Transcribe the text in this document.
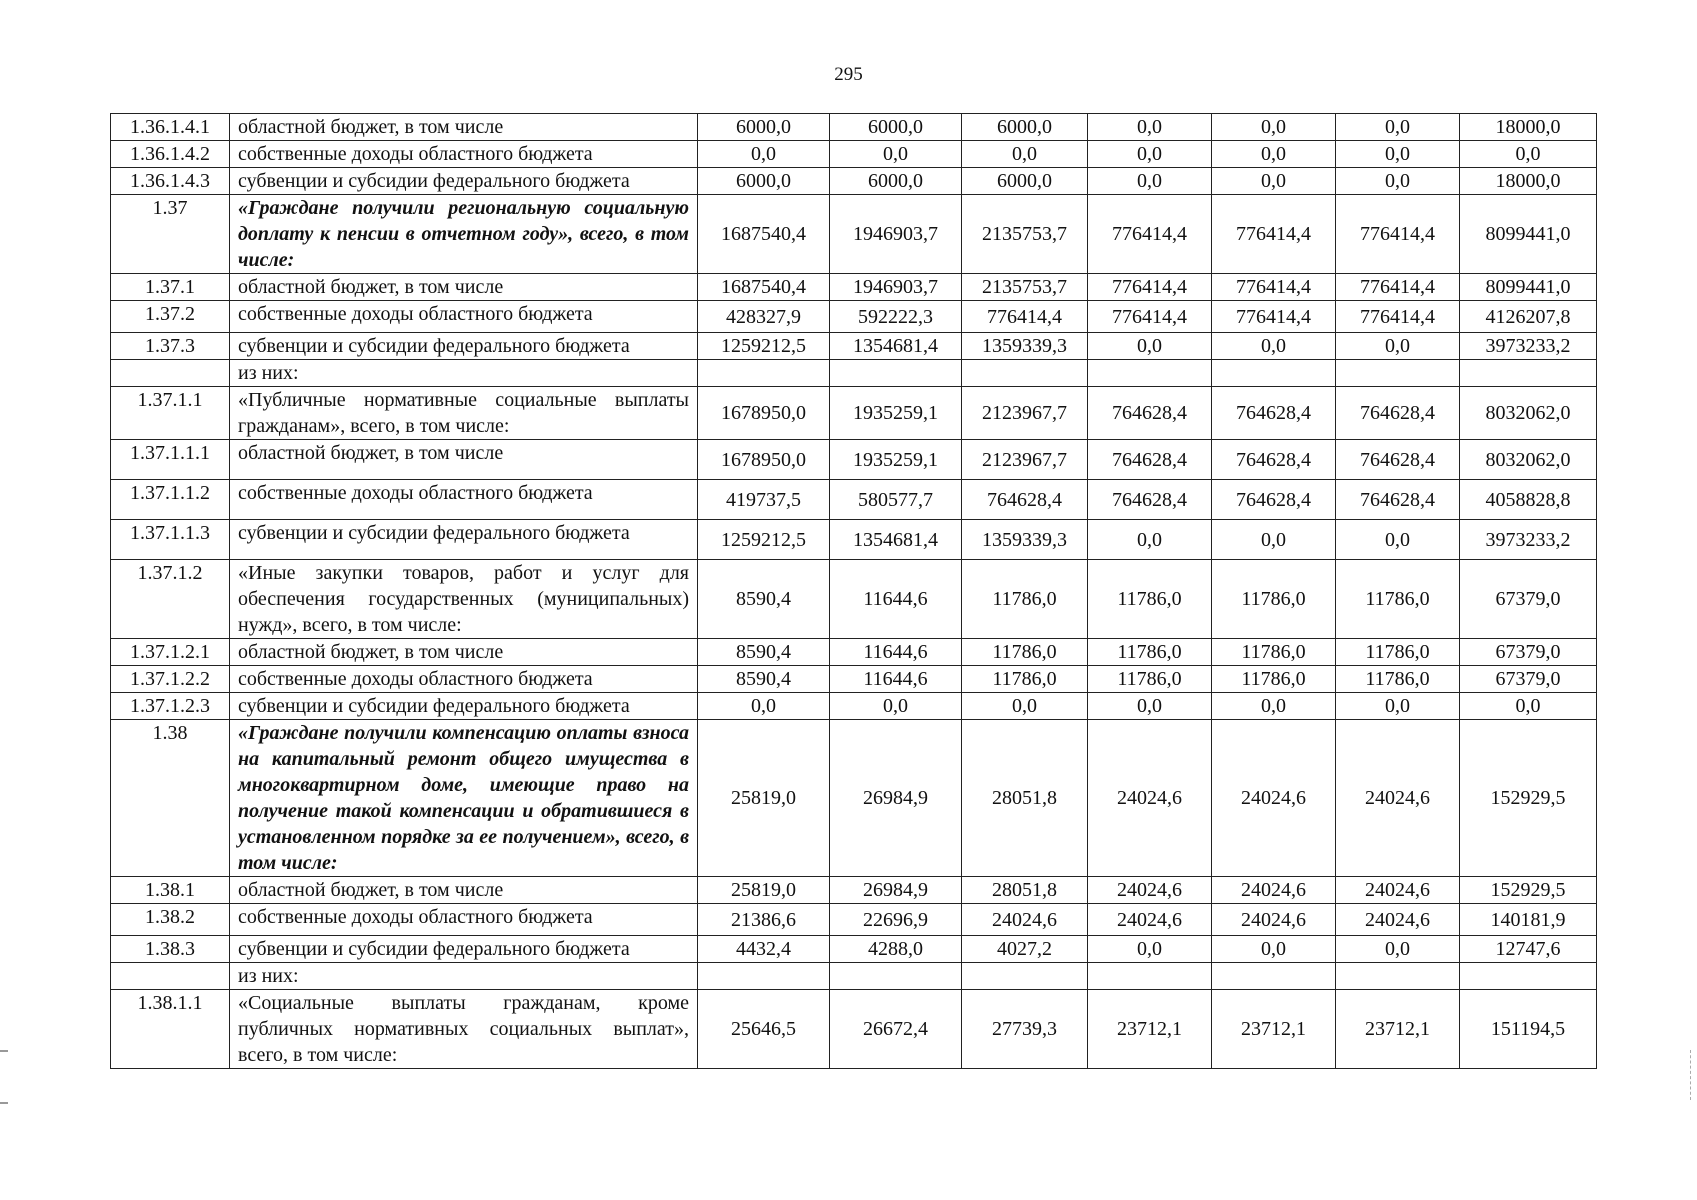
295
1.36.1.4.1	областной бюджет, в том числе	6000,0	6000,0	6000,0	0,0	0,0	0,0	18000,0
1.36.1.4.2	собственные доходы областного бюджета	0,0	0,0	0,0	0,0	0,0	0,0	0,0
1.36.1.4.3	субвенции и субсидии федерального бюджета	6000,0	6000,0	6000,0	0,0	0,0	0,0	18000,0
1.37	«Граждане получили региональную социальную доплату к пенсии в отчетном году», всего, в том числе:	1687540,4	1946903,7	2135753,7	776414,4	776414,4	776414,4	8099441,0
1.37.1	областной бюджет, в том числе	1687540,4	1946903,7	2135753,7	776414,4	776414,4	776414,4	8099441,0
1.37.2	собственные доходы областного бюджета	428327,9	592222,3	776414,4	776414,4	776414,4	776414,4	4126207,8
1.37.3	субвенции и субсидии федерального бюджета	1259212,5	1354681,4	1359339,3	0,0	0,0	0,0	3973233,2
	из них:							
1.37.1.1	«Публичные нормативные социальные выплаты гражданам», всего, в том числе:	1678950,0	1935259,1	2123967,7	764628,4	764628,4	764628,4	8032062,0
1.37.1.1.1	областной бюджет, в том числе	1678950,0	1935259,1	2123967,7	764628,4	764628,4	764628,4	8032062,0
1.37.1.1.2	собственные доходы областного бюджета	419737,5	580577,7	764628,4	764628,4	764628,4	764628,4	4058828,8
1.37.1.1.3	субвенции и субсидии федерального бюджета	1259212,5	1354681,4	1359339,3	0,0	0,0	0,0	3973233,2
1.37.1.2	«Иные закупки товаров, работ и услуг для обеспечения государственных (муниципальных) нужд», всего, в том числе:	8590,4	11644,6	11786,0	11786,0	11786,0	11786,0	67379,0
1.37.1.2.1	областной бюджет, в том числе	8590,4	11644,6	11786,0	11786,0	11786,0	11786,0	67379,0
1.37.1.2.2	собственные доходы областного бюджета	8590,4	11644,6	11786,0	11786,0	11786,0	11786,0	67379,0
1.37.1.2.3	субвенции и субсидии федерального бюджета	0,0	0,0	0,0	0,0	0,0	0,0	0,0
1.38	«Граждане получили компенсацию оплаты взноса на капитальный ремонт общего имущества в многоквартирном доме, имеющие право на получение такой компенсации и обратившиеся в установленном порядке за ее получением», всего, в том числе:	25819,0	26984,9	28051,8	24024,6	24024,6	24024,6	152929,5
1.38.1	областной бюджет, в том числе	25819,0	26984,9	28051,8	24024,6	24024,6	24024,6	152929,5
1.38.2	собственные доходы областного бюджета	21386,6	22696,9	24024,6	24024,6	24024,6	24024,6	140181,9
1.38.3	субвенции и субсидии федерального бюджета	4432,4	4288,0	4027,2	0,0	0,0	0,0	12747,6
	из них:							
1.38.1.1	«Социальные выплаты гражданам, кроме публичных нормативных социальных выплат», всего, в том числе:	25646,5	26672,4	27739,3	23712,1	23712,1	23712,1	151194,5
